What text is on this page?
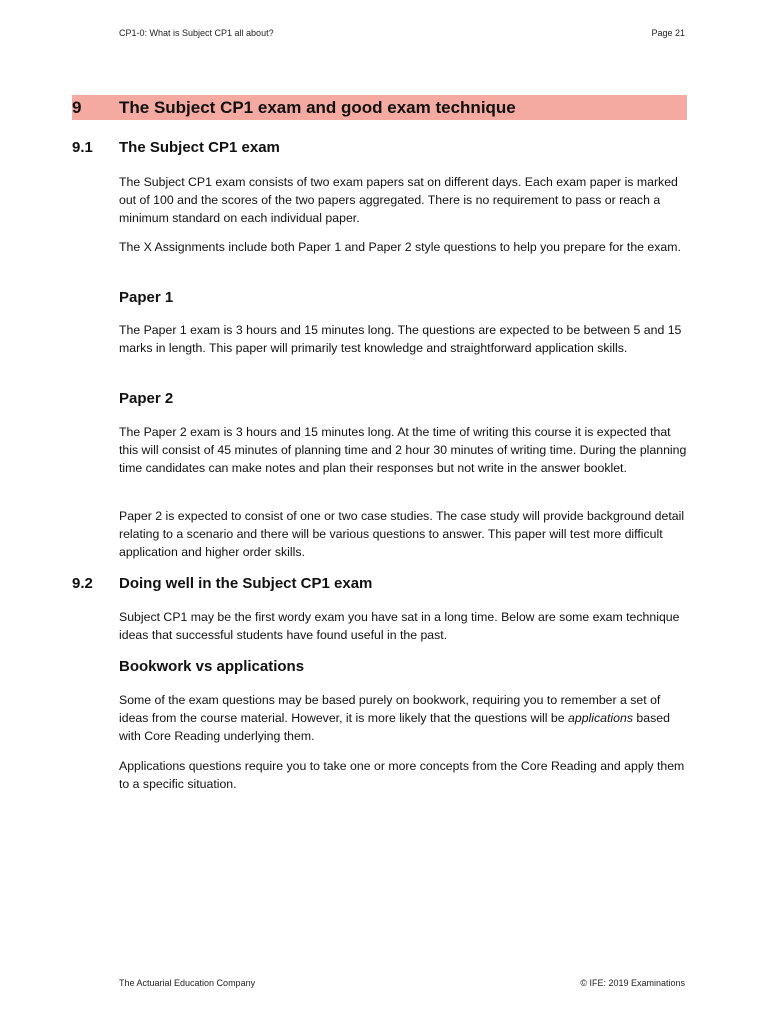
CP1-0: What is Subject CP1 all about?	Page 21
9	The Subject CP1 exam and good exam technique
9.1	The Subject CP1 exam

The Subject CP1 exam consists of two exam papers sat on different days. Each exam paper is marked out of 100 and the scores of the two papers aggregated. There is no requirement to pass or reach a minimum standard on each individual paper.

The X Assignments include both Paper 1 and Paper 2 style questions to help you prepare for the exam.

Paper 1

The Paper 1 exam is 3 hours and 15 minutes long. The questions are expected to be between 5 and 15 marks in length. This paper will primarily test knowledge and straightforward application skills.

Paper 2

The Paper 2 exam is 3 hours and 15 minutes long. At the time of writing this course it is expected that this will consist of 45 minutes of planning time and 2 hour 30 minutes of writing time. During the planning time candidates can make notes and plan their responses but not write in the answer booklet.

Paper 2 is expected to consist of one or two case studies. The case study will provide background detail relating to a scenario and there will be various questions to answer. This paper will test more difficult application and higher order skills.

9.2	Doing well in the Subject CP1 exam

Subject CP1 may be the first wordy exam you have sat in a long time. Below are some exam technique ideas that successful students have found useful in the past.

Bookwork vs applications

Some of the exam questions may be based purely on bookwork, requiring you to remember a set of ideas from the course material. However, it is more likely that the questions will be applications based with Core Reading underlying them.

Applications questions require you to take one or more concepts from the Core Reading and apply them to a specific situation.

The Actuarial Education Company	© IFE: 2019 Examinations
